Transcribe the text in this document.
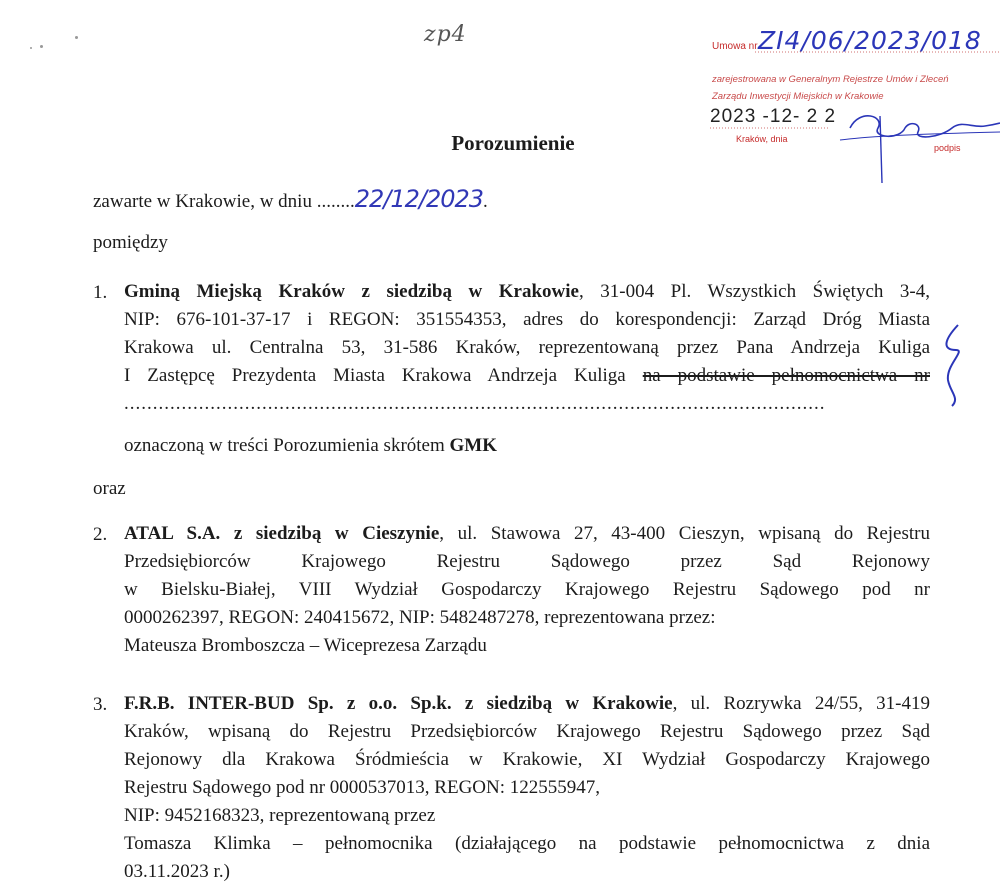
zp4	Umowa nr ZI4/06/2023/018
zarejestrowana w Generalnym Rejestrze Umów i Zleceń
Zarządu Inwestycji Miejskich w Krakowie
2023 -12- 2 2
Kraków, dnia
podpis
Porozumienie
zawarte w Krakowie, w dniu ........22/12/2023.
pomiędzy
1. Gminą Miejską Kraków z siedzibą w Krakowie, 31-004 Pl. Wszystkich Świętych 3-4,
NIP: 676-101-37-17 i REGON: 351554353, adres do korespondencji: Zarząd Dróg Miasta
Krakowa ul. Centralna 53, 31-586 Kraków, reprezentowaną przez Pana Andrzeja Kuliga
I Zastępcę Prezydenta Miasta Krakowa Andrzeja Kuliga na podstawie pełnomocnictwa nr
..........................................................................................................................
oznaczoną w treści Porozumienia skrótem GMK
oraz
2. ATAL S.A. z siedzibą w Cieszynie, ul. Stawowa 27, 43-400 Cieszyn, wpisaną do Rejestru
Przedsiębiorców Krajowego Rejestru Sądowego przez Sąd Rejonowy
w Bielsku-Białej, VIII Wydział Gospodarczy Krajowego Rejestru Sądowego pod nr
0000262397, REGON: 240415672, NIP: 5482487278, reprezentowana przez:
Mateusza Bromboszcza – Wiceprezesa Zarządu
3. F.R.B. INTER-BUD Sp. z o.o. Sp.k. z siedzibą w Krakowie, ul. Rozrywka 24/55, 31-419
Kraków, wpisaną do Rejestru Przedsiębiorców Krajowego Rejestru Sądowego przez Sąd
Rejonowy dla Krakowa Śródmieścia w Krakowie, XI Wydział Gospodarczy Krajowego
Rejestru Sądowego pod nr 0000537013, REGON: 122555947,
NIP: 9452168323, reprezentowaną przez
Tomasza Klimka – pełnomocnika (działającego na podstawie pełnomocnictwa z dnia
03.11.2023 r.)
